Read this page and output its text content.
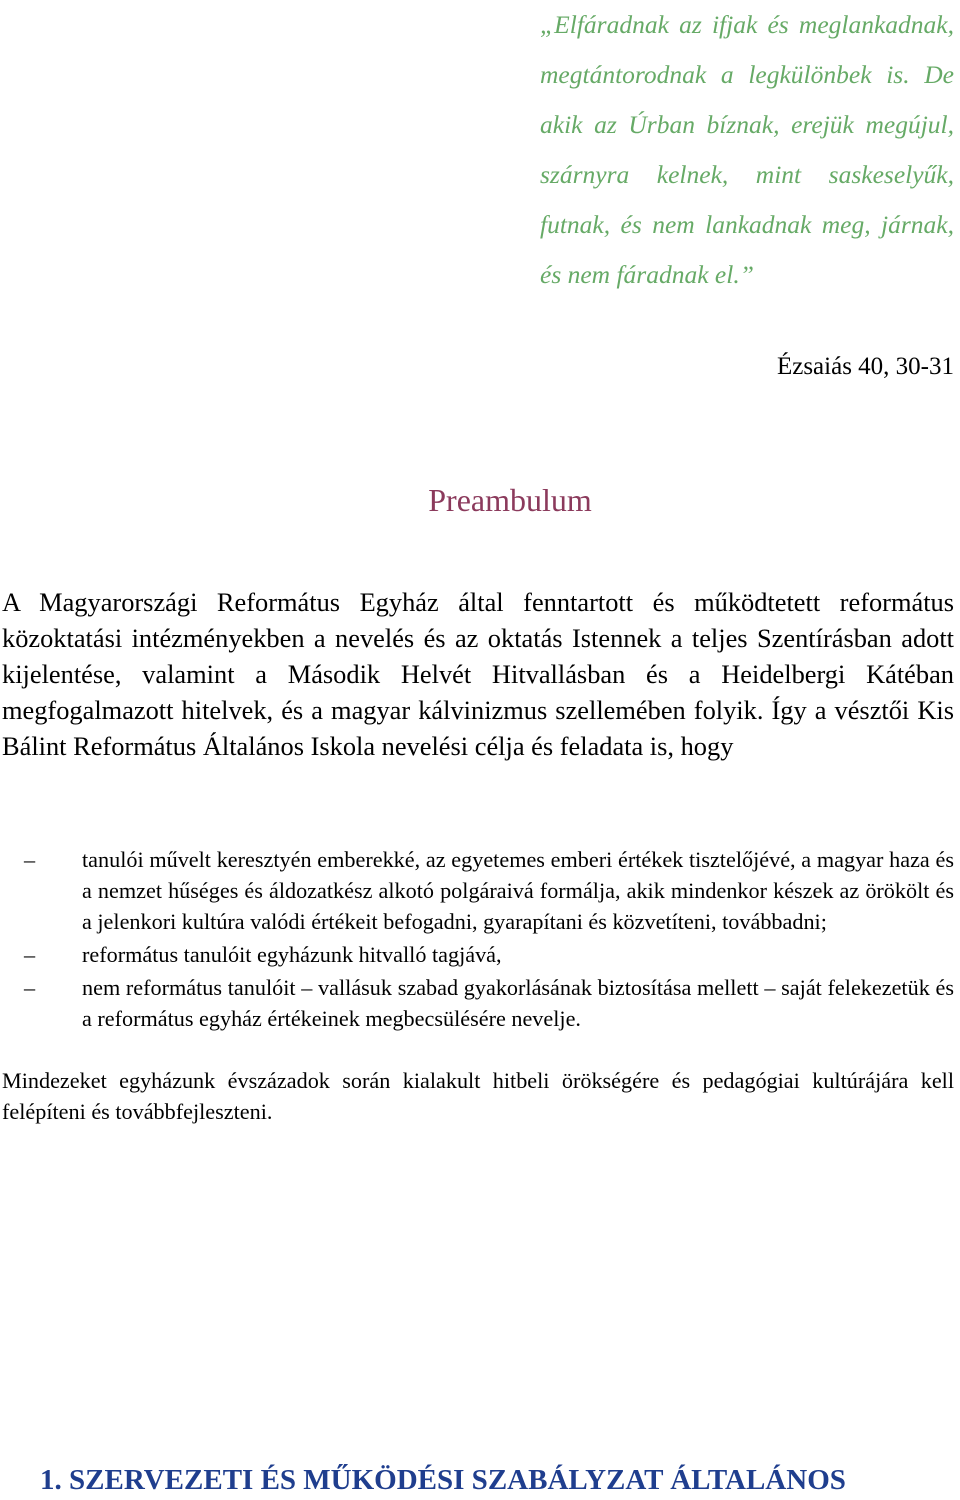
„Elfáradnak az ifjak és meglankadnak, megtántorodnak a legkülönbek is. De akik az Úrban bíznak, erejük megújul, szárnyra kelnek, mint saskeselyűk, futnak, és nem lankadnak meg, járnak, és nem fáradnak el.”

Ézsaiás 40, 30-31

Preambulum

A Magyarországi Református Egyház által fenntartott és működtetett református közoktatási intézményekben a nevelés és az oktatás Istennek a teljes Szentírásban adott kijelentése, valamint a Második Helvét Hitvallásban és a Heidelbergi Kátéban megfogalmazott hitelvek, és a magyar kálvinizmus szellemében folyik. Így a vésztői Kis Bálint Református Általános Iskola nevelési célja és feladata is, hogy

– tanulói művelt keresztyén emberekké, az egyetemes emberi értékek tisztelőjévé, a magyar haza és a nemzet hűséges és áldozatkész alkotó polgáraivá formálja, akik mindenkor készek az örökölt és a jelenkori kultúra valódi értékeit befogadni, gyarapítani és közvetíteni, továbbadni;
– református tanulóit egyházunk hitvalló tagjává,
– nem református tanulóit – vallásuk szabad gyakorlásának biztosítása mellett – saját felekezetük és a református egyház értékeinek megbecsülésére nevelje.

Mindezeket egyházunk évszázadok során kialakult hitbeli örökségére és pedagógiai kultúrájára kell felépíteni és továbbfejleszteni.

1. SZERVEZETI ÉS MŰKÖDÉSI SZABÁLYZAT ÁLTALÁNOS
